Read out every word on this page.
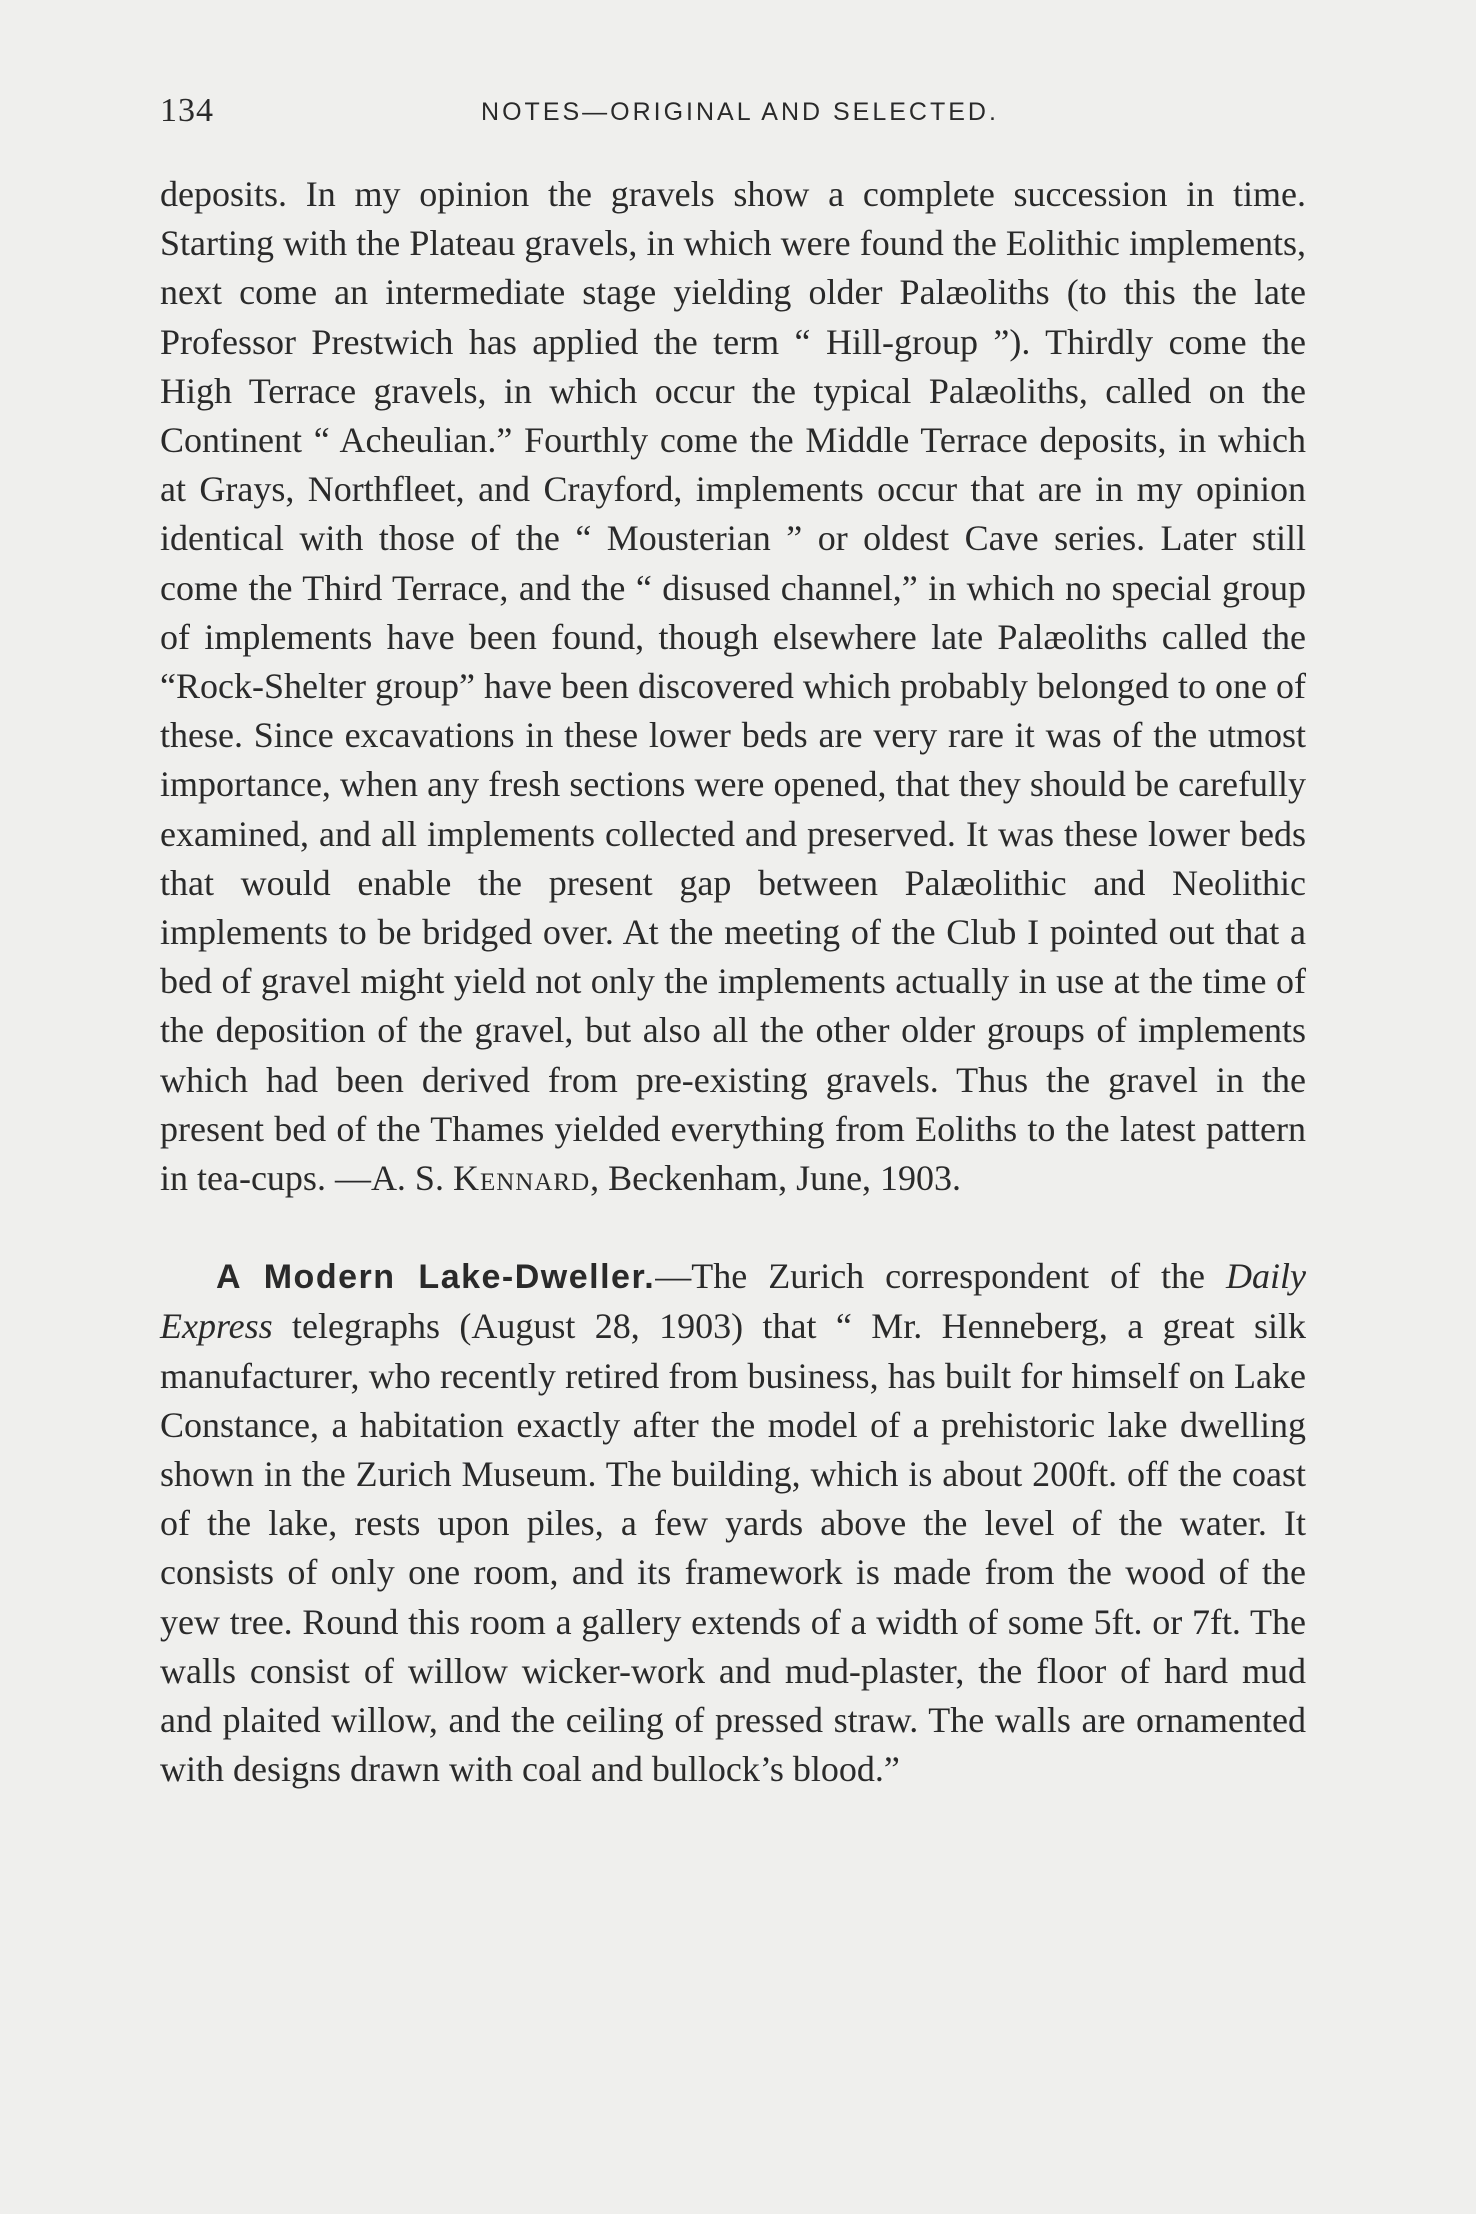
134	NOTES—ORIGINAL AND SELECTED.

deposits. In my opinion the gravels show a complete succession in time. Starting with the Plateau gravels, in which were found the Eolithic implements, next come an intermediate stage yielding older Palæoliths (to this the late Professor Prestwich has applied the term “ Hill-group ”). Thirdly come the High Terrace gravels, in which occur the typical Palæoliths, called on the Continent “ Acheulian.” Fourthly come the Middle Terrace deposits, in which at Grays, Northfleet, and Crayford, implements occur that are in my opinion identical with those of the “ Mousterian ” or oldest Cave series. Later still come the Third Terrace, and the “ disused channel,” in which no special group of implements have been found, though elsewhere late Palæoliths called the “Rock-Shelter group” have been discovered which probably belonged to one of these. Since excavations in these lower beds are very rare it was of the utmost importance, when any fresh sections were opened, that they should be carefully examined, and all implements collected and preserved. It was these lower beds that would enable the present gap between Palæolithic and Neolithic implements to be bridged over. At the meeting of the Club I pointed out that a bed of gravel might yield not only the implements actually in use at the time of the deposition of the gravel, but also all the other older groups of implements which had been derived from pre-existing gravels. Thus the gravel in the present bed of the Thames yielded everything from Eoliths to the latest pattern in tea-cups. —A. S. Kennard, Beckenham, June, 1903.

A Modern Lake-Dweller.—The Zurich correspondent of the Daily Express telegraphs (August 28, 1903) that “ Mr. Henneberg, a great silk manufacturer, who recently retired from business, has built for himself on Lake Constance, a habitation exactly after the model of a prehistoric lake dwelling shown in the Zurich Museum. The building, which is about 200ft. off the coast of the lake, rests upon piles, a few yards above the level of the water. It consists of only one room, and its framework is made from the wood of the yew tree. Round this room a gallery extends of a width of some 5ft. or 7ft. The walls consist of willow wicker-work and mud-plaster, the floor of hard mud and plaited willow, and the ceiling of pressed straw. The walls are ornamented with designs drawn with coal and bullock’s blood.”
